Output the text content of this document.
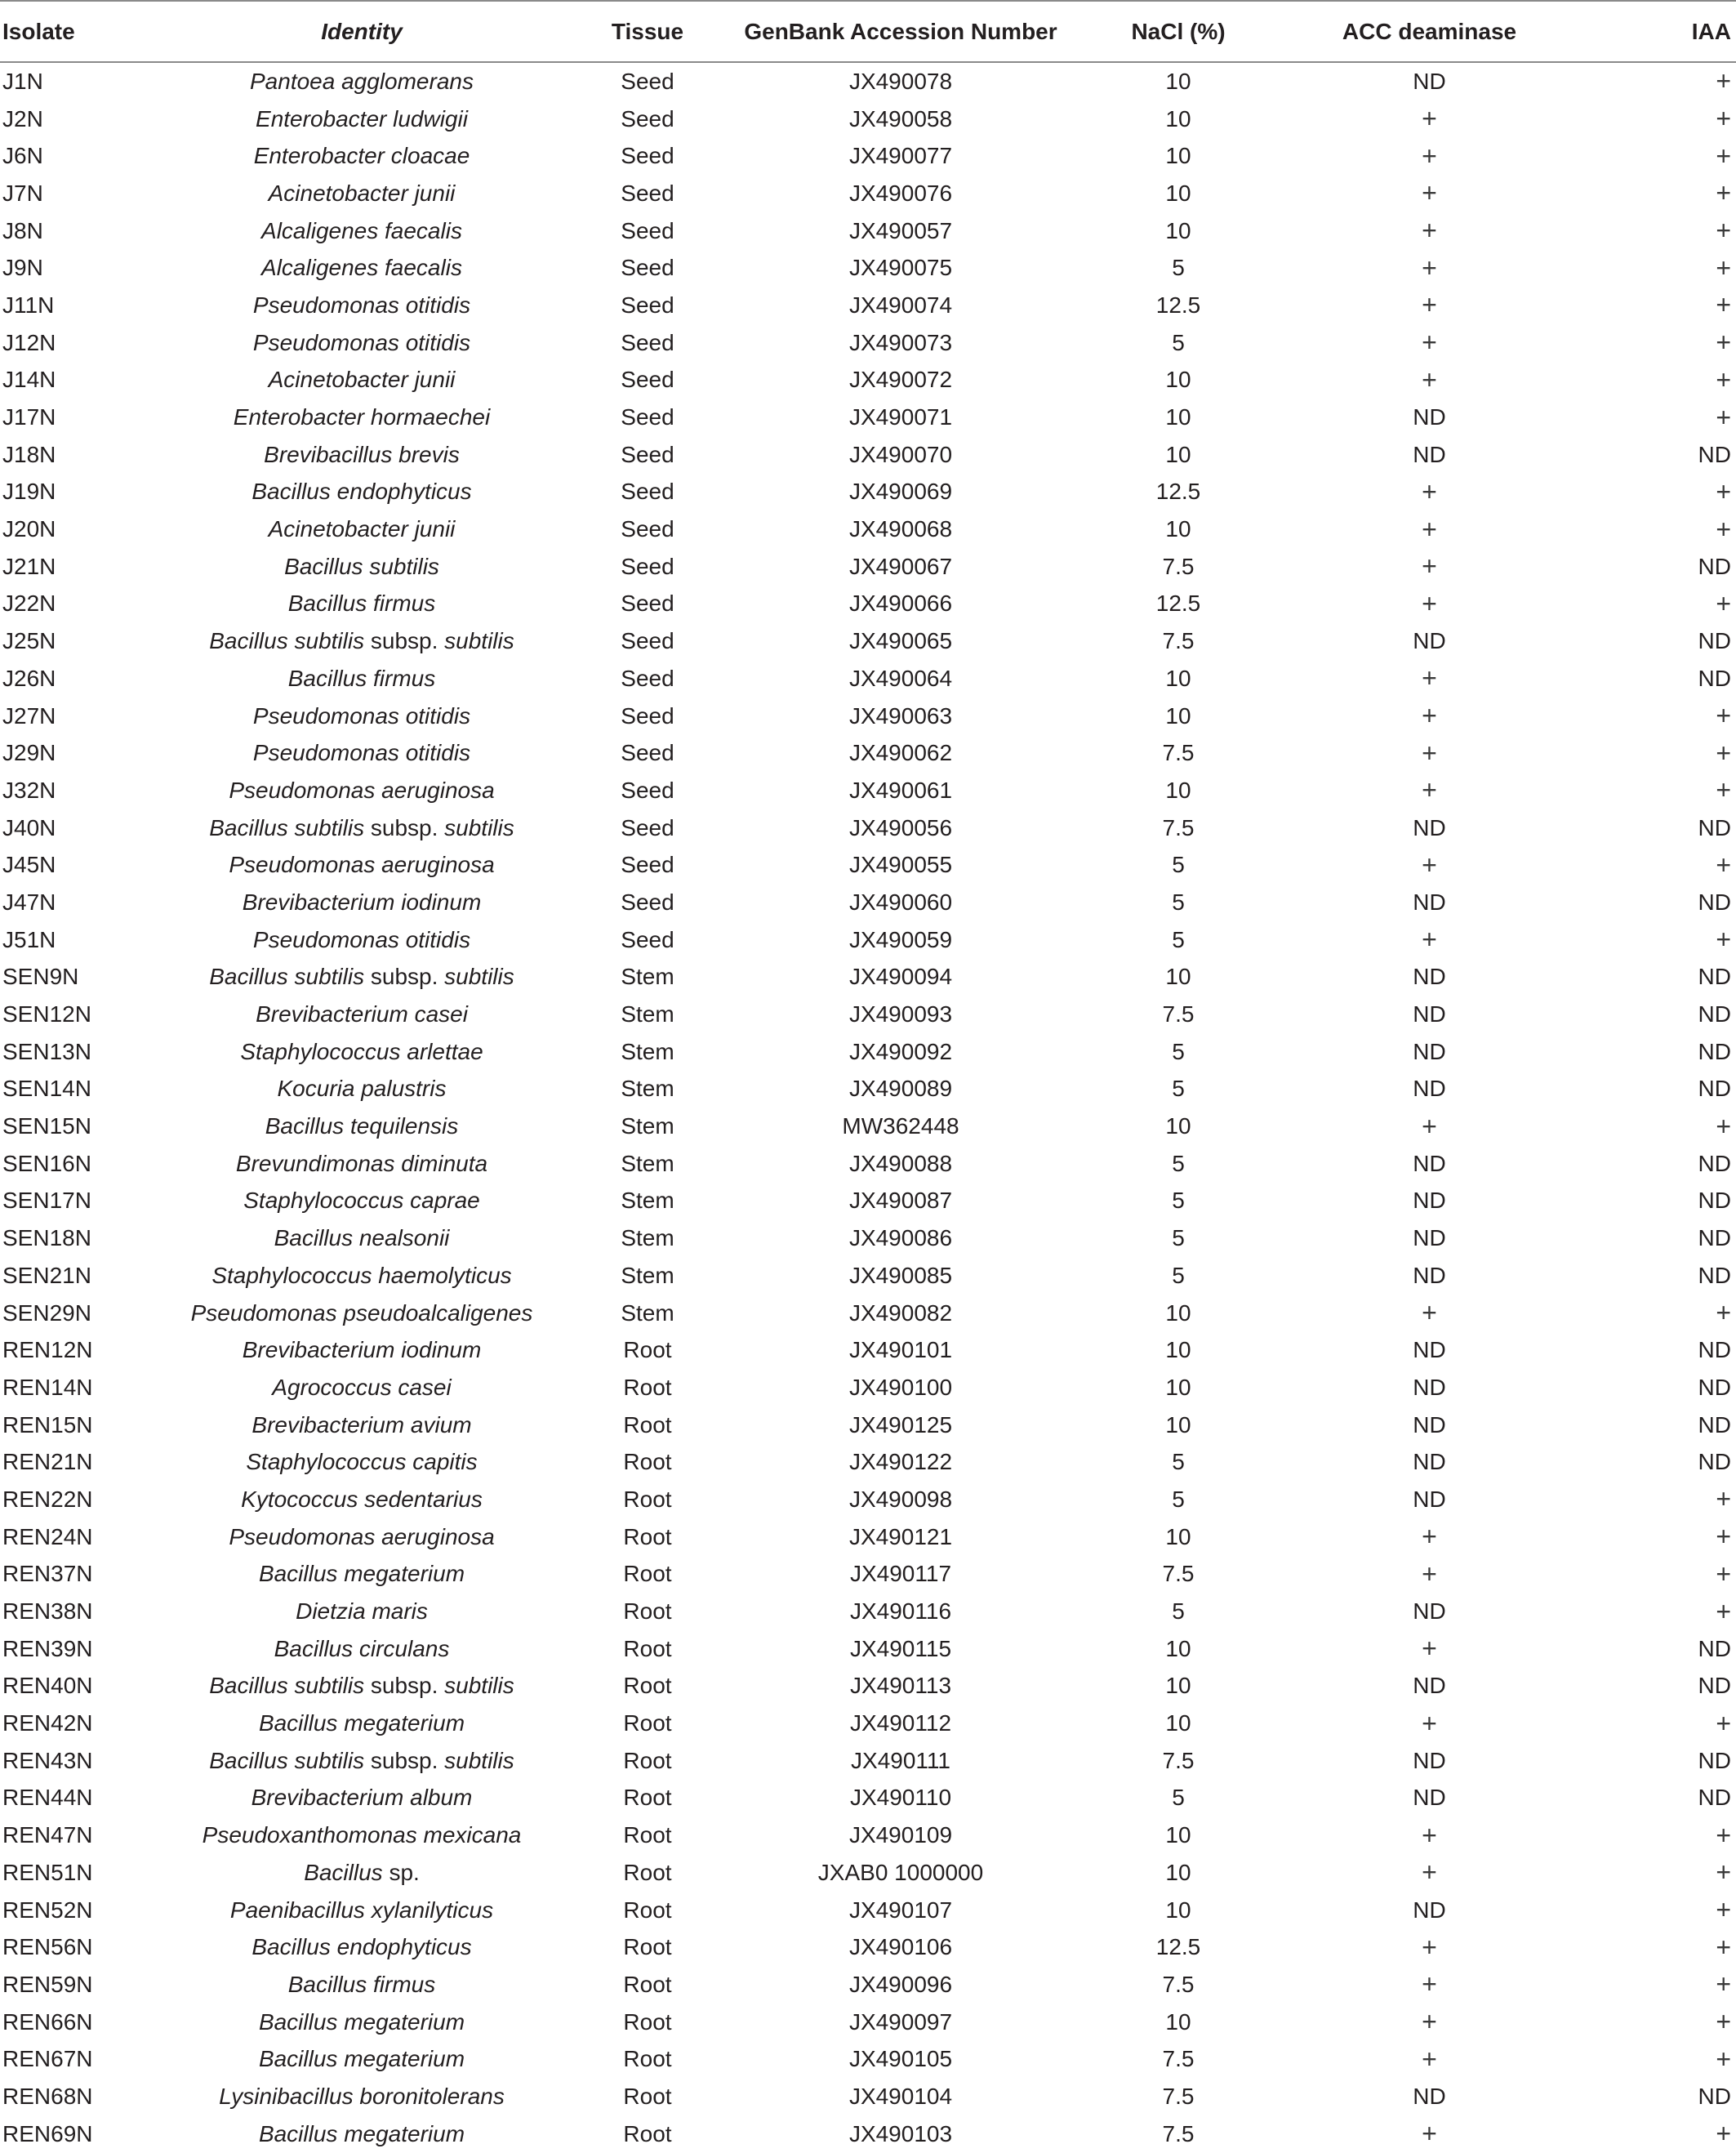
Isolate	Identity	Tissue	GenBank Accession Number	NaCl (%)	ACC deaminase	IAA
J1N	Pantoea agglomerans	Seed	JX490078	10	ND	+
J2N	Enterobacter ludwigii	Seed	JX490058	10	+	+
J6N	Enterobacter cloacae	Seed	JX490077	10	+	+
J7N	Acinetobacter junii	Seed	JX490076	10	+	+
J8N	Alcaligenes faecalis	Seed	JX490057	10	+	+
J9N	Alcaligenes faecalis	Seed	JX490075	5	+	+
J11N	Pseudomonas otitidis	Seed	JX490074	12.5	+	+
J12N	Pseudomonas otitidis	Seed	JX490073	5	+	+
J14N	Acinetobacter junii	Seed	JX490072	10	+	+
J17N	Enterobacter hormaechei	Seed	JX490071	10	ND	+
J18N	Brevibacillus brevis	Seed	JX490070	10	ND	ND
J19N	Bacillus endophyticus	Seed	JX490069	12.5	+	+
J20N	Acinetobacter junii	Seed	JX490068	10	+	+
J21N	Bacillus subtilis	Seed	JX490067	7.5	+	ND
J22N	Bacillus firmus	Seed	JX490066	12.5	+	+
J25N	Bacillus subtilis subsp. subtilis	Seed	JX490065	7.5	ND	ND
J26N	Bacillus firmus	Seed	JX490064	10	+	ND
J27N	Pseudomonas otitidis	Seed	JX490063	10	+	+
J29N	Pseudomonas otitidis	Seed	JX490062	7.5	+	+
J32N	Pseudomonas aeruginosa	Seed	JX490061	10	+	+
J40N	Bacillus subtilis subsp. subtilis	Seed	JX490056	7.5	ND	ND
J45N	Pseudomonas aeruginosa	Seed	JX490055	5	+	+
J47N	Brevibacterium iodinum	Seed	JX490060	5	ND	ND
J51N	Pseudomonas otitidis	Seed	JX490059	5	+	+
SEN9N	Bacillus subtilis subsp. subtilis	Stem	JX490094	10	ND	ND
SEN12N	Brevibacterium casei	Stem	JX490093	7.5	ND	ND
SEN13N	Staphylococcus arlettae	Stem	JX490092	5	ND	ND
SEN14N	Kocuria palustris	Stem	JX490089	5	ND	ND
SEN15N	Bacillus tequilensis	Stem	MW362448	10	+	+
SEN16N	Brevundimonas diminuta	Stem	JX490088	5	ND	ND
SEN17N	Staphylococcus caprae	Stem	JX490087	5	ND	ND
SEN18N	Bacillus nealsonii	Stem	JX490086	5	ND	ND
SEN21N	Staphylococcus haemolyticus	Stem	JX490085	5	ND	ND
SEN29N	Pseudomonas pseudoalcaligenes	Stem	JX490082	10	+	+
REN12N	Brevibacterium iodinum	Root	JX490101	10	ND	ND
REN14N	Agrococcus casei	Root	JX490100	10	ND	ND
REN15N	Brevibacterium avium	Root	JX490125	10	ND	ND
REN21N	Staphylococcus capitis	Root	JX490122	5	ND	ND
REN22N	Kytococcus sedentarius	Root	JX490098	5	ND	+
REN24N	Pseudomonas aeruginosa	Root	JX490121	10	+	+
REN37N	Bacillus megaterium	Root	JX490117	7.5	+	+
REN38N	Dietzia maris	Root	JX490116	5	ND	+
REN39N	Bacillus circulans	Root	JX490115	10	+	ND
REN40N	Bacillus subtilis subsp. subtilis	Root	JX490113	10	ND	ND
REN42N	Bacillus megaterium	Root	JX490112	10	+	+
REN43N	Bacillus subtilis subsp. subtilis	Root	JX490111	7.5	ND	ND
REN44N	Brevibacterium album	Root	JX490110	5	ND	ND
REN47N	Pseudoxanthomonas mexicana	Root	JX490109	10	+	+
REN51N	Bacillus sp.	Root	JXAB0 1000000	10	+	+
REN52N	Paenibacillus xylanilyticus	Root	JX490107	10	ND	+
REN56N	Bacillus endophyticus	Root	JX490106	12.5	+	+
REN59N	Bacillus firmus	Root	JX490096	7.5	+	+
REN66N	Bacillus megaterium	Root	JX490097	10	+	+
REN67N	Bacillus megaterium	Root	JX490105	7.5	+	+
REN68N	Lysinibacillus boronitolerans	Root	JX490104	7.5	ND	ND
REN69N	Bacillus megaterium	Root	JX490103	7.5	+	+
